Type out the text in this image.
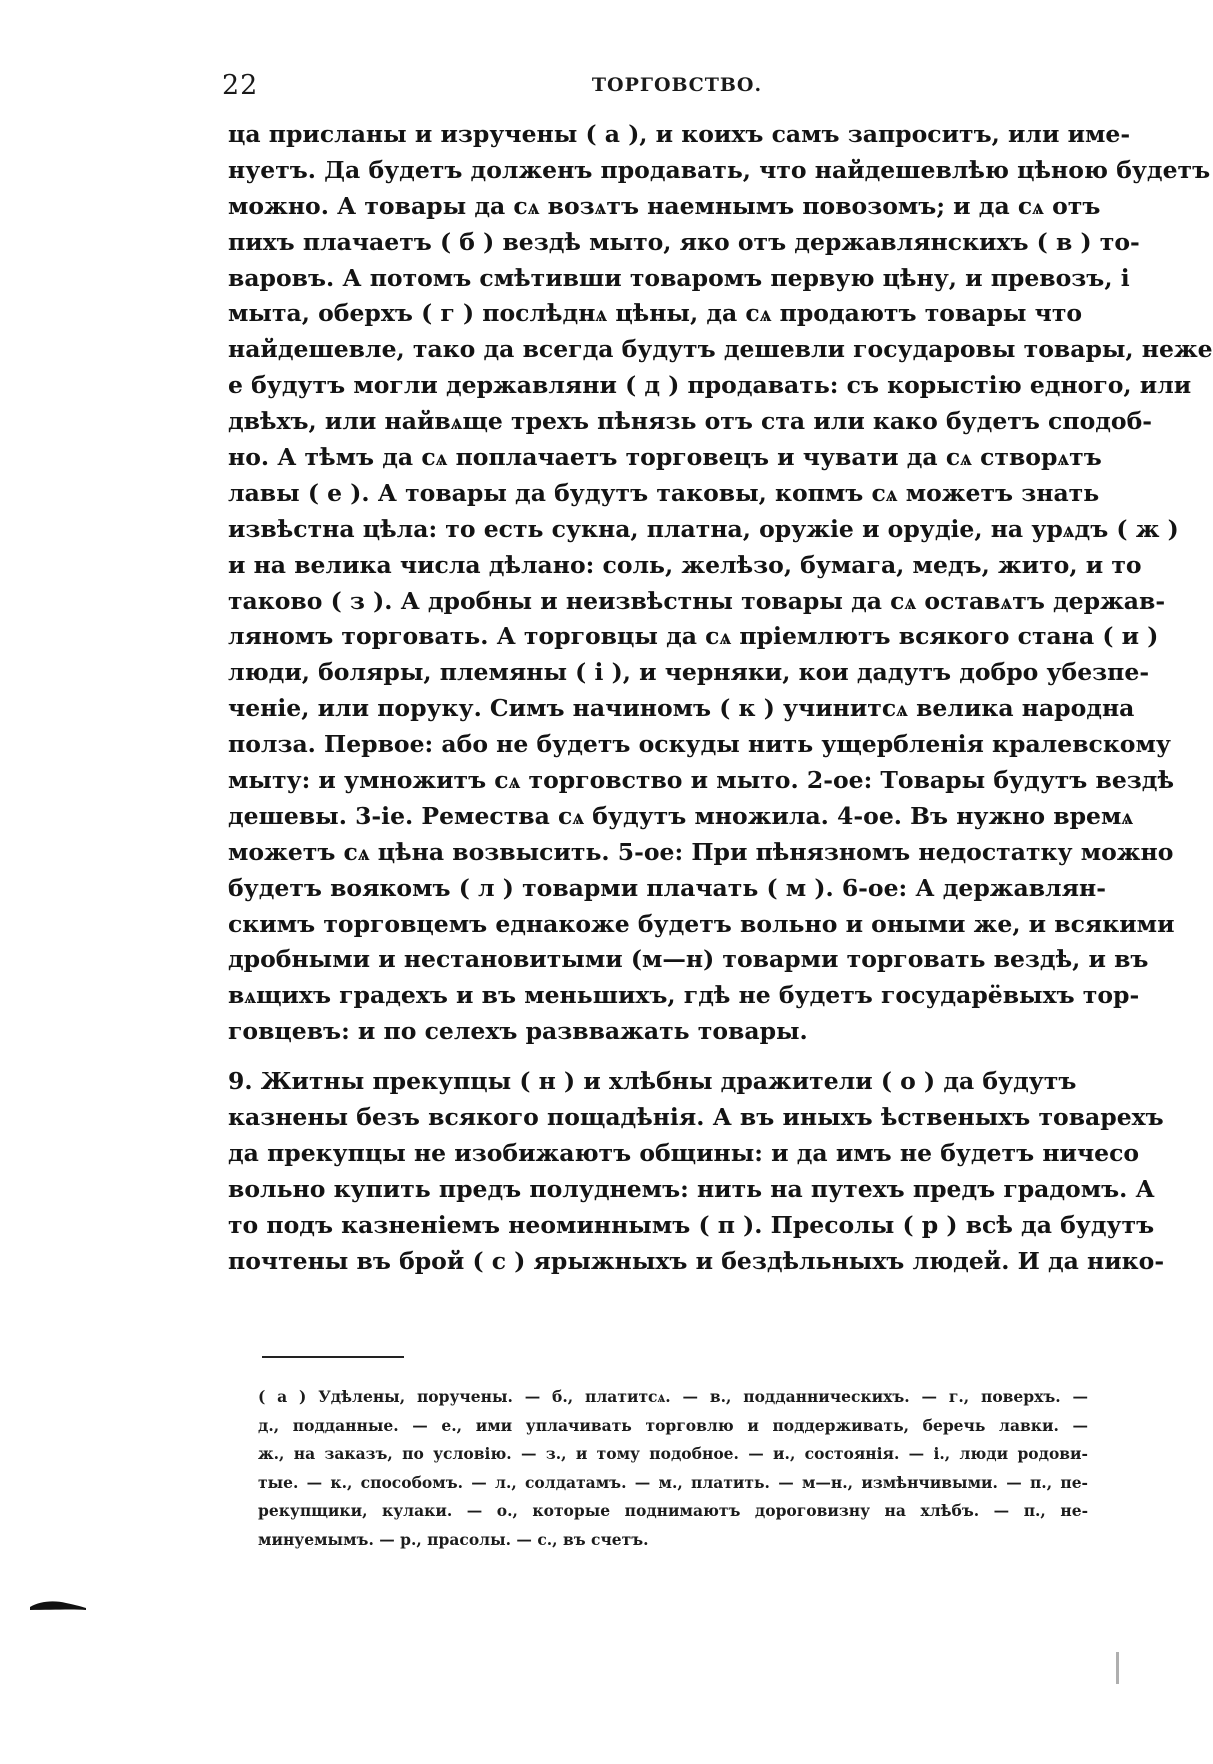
22	ТОРГОВСТВО.
ца присланы и изручены ( а ), и коихъ самъ запроситъ, или име-
нуетъ. Да будетъ долженъ продавать, что найдешевлѣю цѣною будетъ
можно. А товары да сѧ возѧтъ наемнымъ повозомъ; и да сѧ отъ
пихъ плачаетъ ( б ) вездѣ мыто, яко отъ державлянскихъ ( в ) то-
варовъ. А потомъ смѣтивши товаромъ первую цѣну, и превозъ, і
мыта, оберхъ ( г ) послѣднѧ цѣны, да сѧ продаютъ товары что
найдешевле, тако да всегда будутъ дешевли государовы товары, неже
е будутъ могли державляни ( д ) продавать: съ корыстію едного, или
двѣхъ, или найвѧще трехъ пѣнязь отъ ста или како будетъ сподоб-
но. А тѣмъ да сѧ поплачаетъ торговецъ и чувати да сѧ створѧтъ
лавы ( е ). А товары да будутъ таковы, копмъ сѧ можетъ знать
извѣстна цѣла: то есть сукна, платна, оружіе и орудіе, на урѧдъ ( ж )
и на велика числа дѣлано: соль, желѣзо, бумага, медъ, жито, и то
таково ( з ). А дробны и неизвѣстны товары да сѧ оставѧтъ держав-
ляномъ торговать. А торговцы да сѧ пріемлютъ всякого стана ( и )
люди, боляры, племяны ( і ), и черняки, кои дадутъ добро убезпе-
ченіе, или поруку. Симъ начиномъ ( к ) учинитсѧ велика народна
полза. Первое: або не будетъ оскуды нить ущербленія кралевскому
мыту: и умножитъ сѧ торговство и мыто. 2-ое: Товары будутъ вездѣ
дешевы. 3-іе. Ремества сѧ будутъ множила. 4-ое. Въ нужно времѧ
можетъ сѧ цѣна возвысить. 5-ое: При пѣнязномъ недостатку можно
будетъ воякомъ ( л ) товарми плачать ( м ). 6-ое: А державлян-
скимъ торговцемъ еднакоже будетъ вольно и оными же, и всякими
дробными и нестановитыми (м—н) товарми торговать вездѣ, и въ
вѧщихъ градехъ и въ меньшихъ, гдѣ не будетъ государёвыхъ тор-
говцевъ: и по селехъ развважать товары.
9. Житны прекупцы ( н ) и хлѣбны дражители ( о ) да будутъ
казнены безъ всякого пощадѣнія. А въ иныхъ ѣственыхъ товарехъ
да прекупцы не изобижаютъ общины: и да имъ не будетъ ничесо
вольно купить предъ полуднемъ: нить на путехъ предъ градомъ. А
то подъ казненіемъ неоминнымъ ( п ). Пресолы ( р ) всѣ да будутъ
почтены въ брой ( с ) ярыжныхъ и бездѣльныхъ людей. И да нико-
( а ) Удѣлены, поручены. — б., платитсѧ. — в., подданническихъ. — г., поверхъ. —
д., подданные. — е., ими уплачивать торговлю и поддерживать, беречь лавки. —
ж., на заказъ, по условію. — з., и тому подобное. — и., состоянія. — і., люди родови-
тые. — к., способомъ. — л., солдатамъ. — м., платить. — м—н., измѣнчивыми. — п., пе-
рекупщики, кулаки. — о., которые поднимаютъ дороговизну на хлѣбъ. — п., не-
минуемымъ. — р., прасолы. — с., въ счетъ.
